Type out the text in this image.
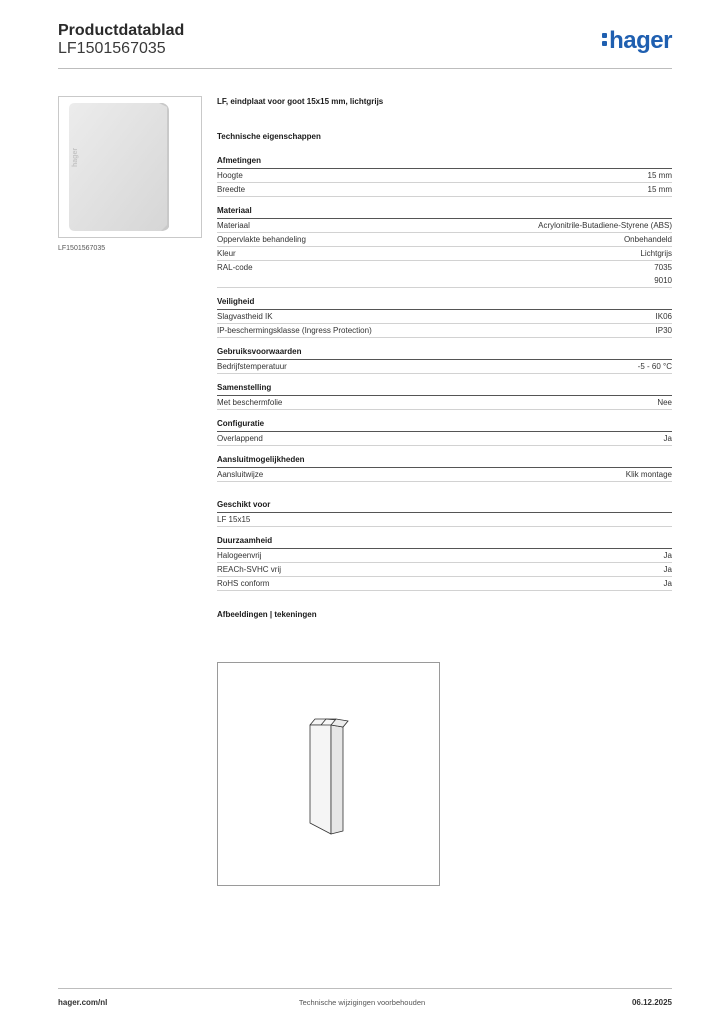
Productdatablad
LF1501567035	hager
hager
LF1501567035
LF, eindplaat voor goot 15x15 mm, lichtgrijs
Technische eigenschappen
Afmetingen
Hoogte	15 mm
Breedte	15 mm
Materiaal
Materiaal	Acrylonitrile-Butadiene-Styrene (ABS)
Oppervlakte behandeling	Onbehandeld
Kleur	Lichtgrijs
RAL-code	7035
9010
Veiligheid
Slagvastheid IK	IK06
IP-beschermingsklasse (Ingress Protection)	IP30
Gebruiksvoorwaarden
Bedrijfstemperatuur	-5 - 60 °C
Samenstelling
Met beschermfolie	Nee
Configuratie
Overlappend	Ja
Aansluitmogelijkheden
Aansluitwijze	Klik montage
Geschikt voor
LF 15x15
Duurzaamheid
Halogeenvrij	Ja
REACh-SVHC vrij	Ja
RoHS conform	Ja
Afbeeldingen | tekeningen
hager.com/nl	Technische wijzigingen voorbehouden	06.12.2025
